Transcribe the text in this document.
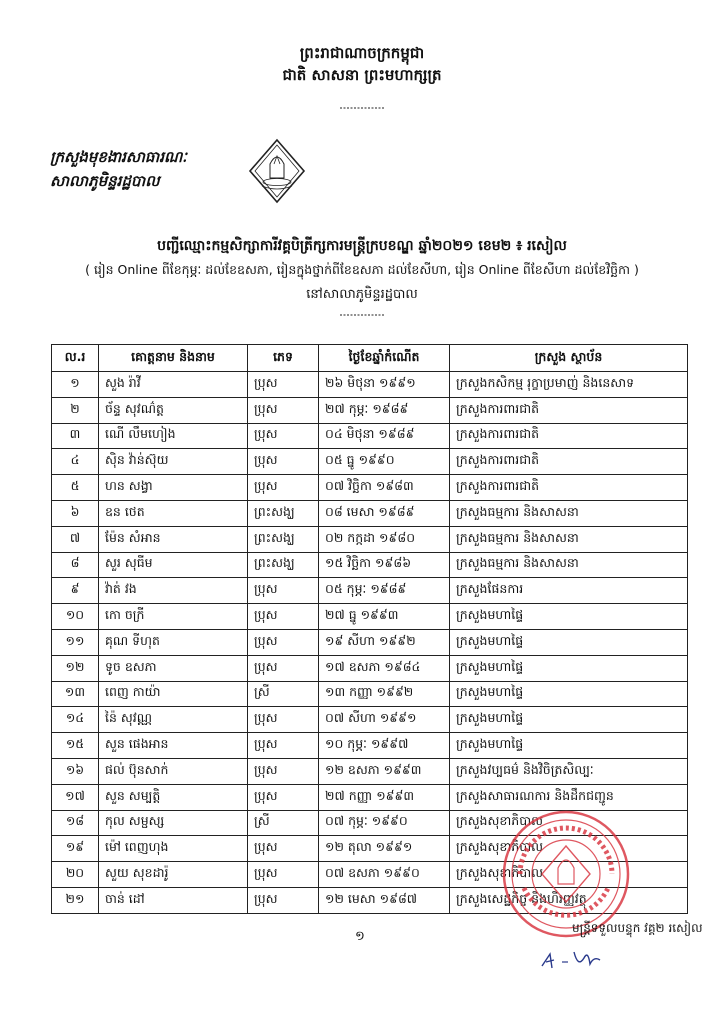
ព្រះរាជាណាចក្រកម្ពុជា
ជាតិ សាសនា ព្រះមហាក្សត្រ
ក្រសួងមុខងារសាធារណៈ
សាលាភូមិន្ទរដ្ឋបាល
បញ្ជីឈ្មោះកម្មសិក្សាការីវគ្គបិត្រីក្សការមន្ត្រីក្របខណ្ឌ ឆ្នាំ២០២១ ខេម២ ៖ រសៀល
( រៀន Online ពីខែកុម្ភៈ ដល់ខែឧសភា, រៀនក្នុងថ្នាក់ពីខែឧសភា ដល់ខែសីហា, រៀន Online ពីខែសីហា ដល់ខែវិច្ឆិកា )
នៅសាលាភូមិន្ទរដ្ឋបាល
ល.រ	គោត្តនាម និងនាម	ភេទ	ថ្ងៃខែឆ្នាំកំណើត	ក្រសួង ស្ថាប័ន
១	សួង រ៉ាវី	ប្រុស	២៦ មិថុនា ១៩៩១	ក្រសួងកសិកម្ម រុក្ខាប្រមាញ់ និងនេសាទ
២	ច័ន្ទ សុវណ៌ត្ត	ប្រុស	២៧ កុម្ភៈ ១៩៨៩	ក្រសួងការពារជាតិ
៣	ណើ លឹមហៀង	ប្រុស	០៤ មិថុនា ១៩៨៩	ក្រសួងការពារជាតិ
៤	ស៊ិន វ៉ាន់ស៊ុយ	ប្រុស	០៥ ធ្នូ ១៩៩០	ក្រសួងការពារជាតិ
៥	ហន សង្វា	ប្រុស	០៧ វិច្ឆិកា ១៩៨៣	ក្រសួងការពារជាតិ
៦	ឧន ថេត	ព្រះសង្ឃ	០៨ មេសា ១៩៨៩	ក្រសួងធម្មការ និងសាសនា
៧	ម៉ែន សំអាន	ព្រះសង្ឃ	០២ កក្កដា ១៩៨០	ក្រសួងធម្មការ និងសាសនា
៨	សួរ សុធីម	ព្រះសង្ឃ	១៥ វិច្ឆិកា ១៩៨៦	ក្រសួងធម្មការ និងសាសនា
៩	វ៉ាត់ វង	ប្រុស	០៥ កុម្ភៈ ១៩៨៩	ក្រសួងផែនការ
១០	កោ ចក្រី	ប្រុស	២៧ ធ្នូ ១៩៩៣	ក្រសួងមហាផ្ទៃ
១១	គុណ ទីហុត	ប្រុស	១៩ សីហា ១៩៩២	ក្រសួងមហាផ្ទៃ
១២	ទូច ឧសភា	ប្រុស	១៧ ឧសភា ១៩៨៤	ក្រសួងមហាផ្ទៃ
១៣	ពេញ កាយ៉ា	ស្រី	១៣ កញ្ញា ១៩៩២	ក្រសួងមហាផ្ទៃ
១៤	ន៉ៃ សុវណ្ណ	ប្រុស	០៧ សីហា ១៩៩១	ក្រសួងមហាផ្ទៃ
១៥	សួន ផេងអាន	ប្រុស	១០ កុម្ភៈ ១៩៩៧	ក្រសួងមហាផ្ទៃ
១៦	ផល់ ប៊ុនសាក់	ប្រុស	១២ ឧសភា ១៩៩៣	ក្រសួងវប្បធម៌ និងវិចិត្រសិល្បៈ
១៧	សួន សម្បត្តិ	ប្រុស	២៧ កញ្ញា ១៩៩៣	ក្រសួងសាធារណការ និងដឹកជញ្ជូន
១៨	កុល សម្ផស្ស	ស្រី	០៧ កុម្ភៈ ១៩៩០	ក្រសួងសុខាភិបាល
១៩	ម៉ៅ ពេញហុង	ប្រុស	១២ តុលា ១៩៩១	ក្រសួងសុខាភិបាល
២០	សួយ សុខដារ៉ូ	ប្រុស	០៧ ឧសភា ១៩៩០	ក្រសួងសុខាភិបាល
២១	ចាន់ ដៅ	ប្រុស	១២ មេសា ១៩៨៧	ក្រសួងសេដ្ឋកិច្ច និងហិរញ្ញវត្ថុ
១
មន្ត្រីទទួលបន្ទុក វគ្គ២ រសៀល
